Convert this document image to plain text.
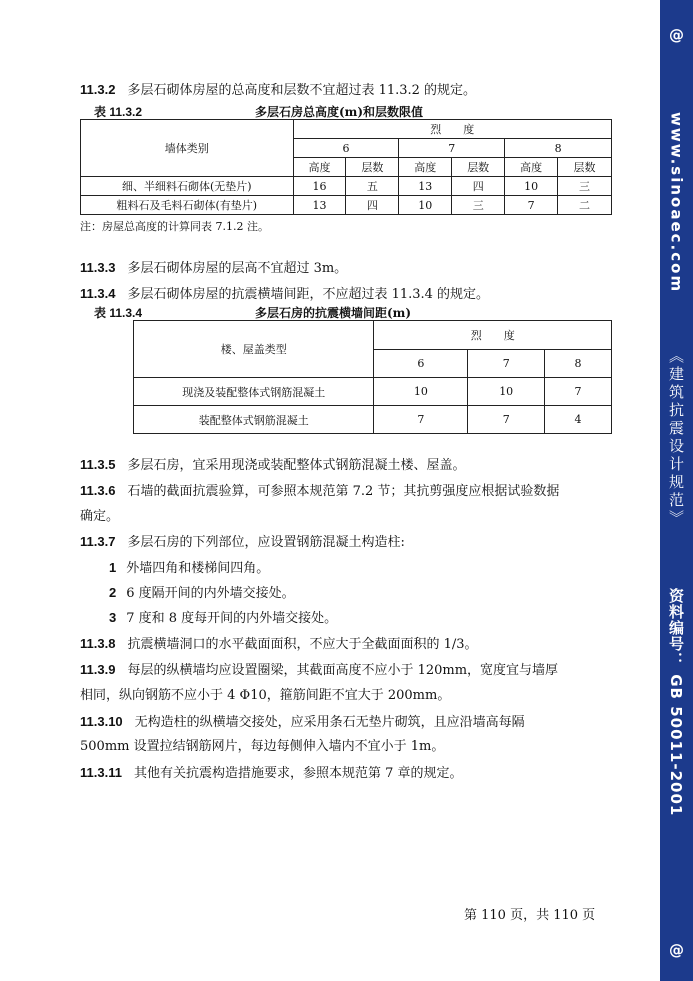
11.3.2 多层石砌体房屋的总高度和层数不宜超过表 11.3.2 的规定。
表 11.3.2	多层石房总高度(m)和层数限值
墙体类别	烈　　度					
	6		7		8	
	高度	层数	高度	层数	高度	层数
细、半细料石砌体(无垫片)	16	五	13	四	10	三
粗料石及毛料石砌体(有垫片)	13	四	10	三	7	二
注：房屋总高度的计算同表 7.1.2 注。
11.3.3 多层石砌体房屋的层高不宜超过 3m。
11.3.4 多层石砌体房屋的抗震横墙间距，不应超过表 11.3.4 的规定。
表 11.3.4	多层石房的抗震横墙间距(m)
楼、屋盖类型	烈　　度		
	6	7	8
现浇及装配整体式钢筋混凝土	10	10	7
装配整体式钢筋混凝土	7	7	4
11.3.5 多层石房，宜采用现浇或装配整体式钢筋混凝土楼、屋盖。
11.3.6 石墙的截面抗震验算，可参照本规范第 7.2 节；其抗剪强度应根据试验数据
确定。
11.3.7 多层石房的下列部位，应设置钢筋混凝土构造柱:
1 外墙四角和楼梯间四角。
2 6 度隔开间的内外墙交接处。
3 7 度和 8 度每开间的内外墙交接处。
11.3.8 抗震横墙洞口的水平截面面积，不应大于全截面面积的 1/3。
11.3.9 每层的纵横墙均应设置圈梁，其截面高度不应小于 120mm，宽度宜与墙厚
相同，纵向钢筋不应小于 4 Φ10，箍筋间距不宜大于 200mm。
11.3.10 无构造柱的纵横墙交接处，应采用条石无垫片砌筑，且应沿墙高每隔
500mm 设置拉结钢筋网片，每边每侧伸入墙内不宜小于 1m。
11.3.11 其他有关抗震构造措施要求，参照本规范第 7 章的规定。
第 110 页，共 110 页
@
www.sinoaec.com
《建筑抗震设计规范》
资料编号： GB 50011-2001
@
